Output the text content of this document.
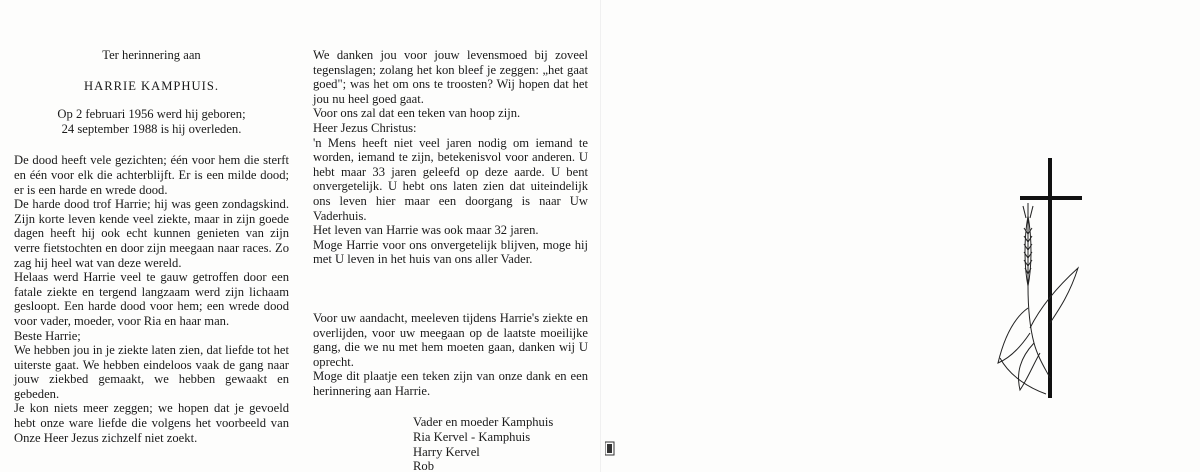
Ter herinnering aan
HARRIE KAMPHUIS.
Op 2 februari 1956 werd hij geboren;
24 september 1988 is hij overleden.

De dood heeft vele gezichten; één voor hem die sterft en één voor elk die achterblijft. Er is een milde dood; er is een harde en wrede dood.

De harde dood trof Harrie; hij was geen zondagskind. Zijn korte leven kende veel ziekte, maar in zijn goede dagen heeft hij ook echt kunnen genieten van zijn verre fietstochten en door zijn meegaan naar races. Zo zag hij heel wat van deze wereld.

Helaas werd Harrie veel te gauw getroffen door een fatale ziekte en tergend langzaam werd zijn lichaam gesloopt. Een harde dood voor hem; een wrede dood voor vader, moeder, voor Ria en haar man.

Beste Harrie;

We hebben jou in je ziekte laten zien, dat liefde tot het uiterste gaat. We hebben eindeloos vaak de gang naar jouw ziekbed gemaakt, we hebben gewaakt en gebeden.

Je kon niets meer zeggen; we hopen dat je gevoeld hebt onze ware liefde die volgens het voorbeeld van Onze Heer Jezus zichzelf niet zoekt.

We danken jou voor jouw levensmoed bij zoveel tegenslagen; zolang het kon bleef je zeggen: „het gaat goed"; was het om ons te troosten? Wij hopen dat het jou nu heel goed gaat.

Voor ons zal dat een teken van hoop zijn.

Heer Jezus Christus:

'n Mens heeft niet veel jaren nodig om iemand te worden, iemand te zijn, betekenisvol voor anderen. U hebt maar 33 jaren geleefd op deze aarde. U bent onvergetelijk. U hebt ons laten zien dat uiteindelijk ons leven hier maar een doorgang is naar Uw Vaderhuis.

Het leven van Harrie was ook maar 32 jaren.

Moge Harrie voor ons onvergetelijk blijven, moge hij met U leven in het huis van ons aller Vader.

Voor uw aandacht, meeleven tijdens Harrie's ziekte en overlijden, voor uw meegaan op de laatste moeilijke gang, die we nu met hem moeten gaan, danken wij U oprecht.

Moge dit plaatje een teken zijn van onze dank en een herinnering aan Harrie.

Vader en moeder Kamphuis
Ria Kervel - Kamphuis
Harry Kervel
Rob
